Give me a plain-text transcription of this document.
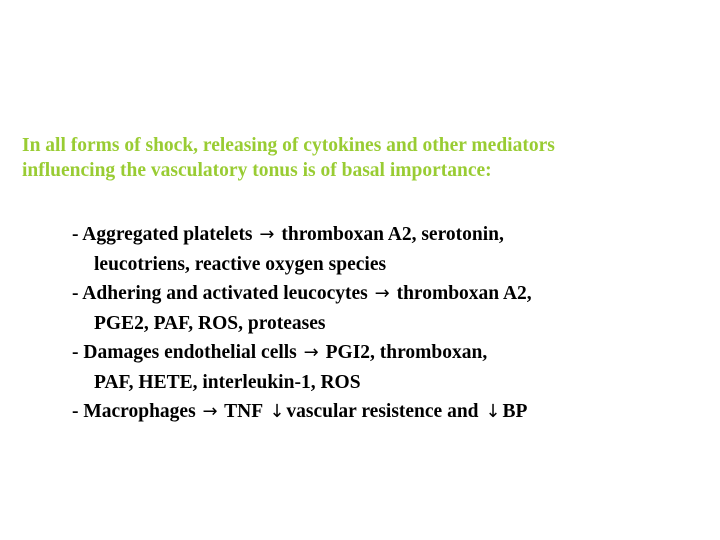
In all forms of shock, releasing of cytokines and other mediators
influencing the vasculatory tonus is of basal importance:
- Aggregated platelets → thromboxan A2, serotonin,
leucotriens, reactive oxygen species
- Adhering and activated leucocytes → thromboxan A2,
PGE2, PAF, ROS, proteases
- Damages endothelial cells → PGI2, thromboxan,
PAF, HETE, interleukin-1, ROS
- Macrophages → TNF ↓ vascular resistence and ↓ BP
